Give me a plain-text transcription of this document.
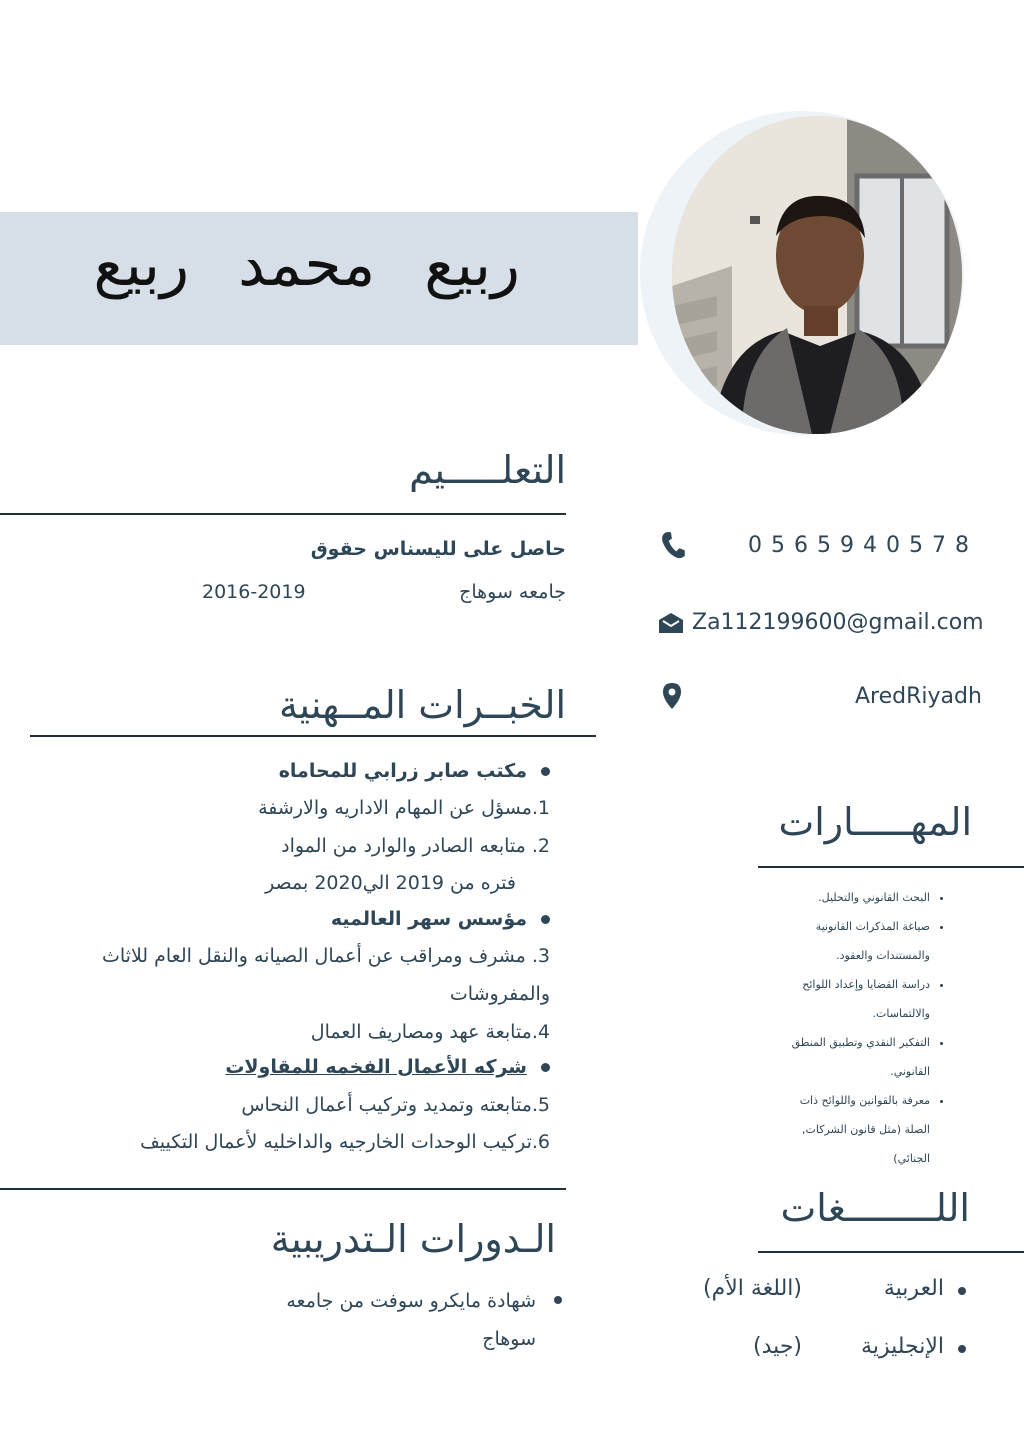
ربيع محمد ربيع
التعلـــــيم
حاصل على لليسناس حقوق
جامعه سوهاج
2016-2019
الخبــرات المــهنية
مكتب صابر زرابي للمحاماه
1.مسؤل عن المهام الاداريه والارشفة
2. متابعه الصادر والوارد من المواد
فتره من 2019 الي2020 بمصر
مؤسس سهر العالميه
3. مشرف ومراقب عن أعمال الصيانه والنقل العام للاثاث
والمفروشات
4.متابعة عهد ومصاريف العمال
شركه الأعمال الفخمه للمقاولات
5.متابعته وتمديد وتركيب أعمال النحاس
6.تركيب الوحدات الخارجيه والداخليه لأعمال التكييف
الـدورات الـتدريبية
شهادة مايكرو سوفت من جامعه سوهاج
0565940578
Za112199600@gmail.com
AredRiyadh
المهـــــارات
• البحث القانوني والتحليل.
• صياغة المذكرات القانونية والمستندات والعقود.
• دراسة القضايا وإعداد اللوائح والالتماسات.
• التفكير النقدي وتطبيق المنطق القانوني.
• معرفة بالقوانين واللوائح ذات الصلة (مثل قانون الشركات, الجنائي)
اللــــــــغات
العربية
(اللغة الأم)
الإنجليزية
(جيد)
